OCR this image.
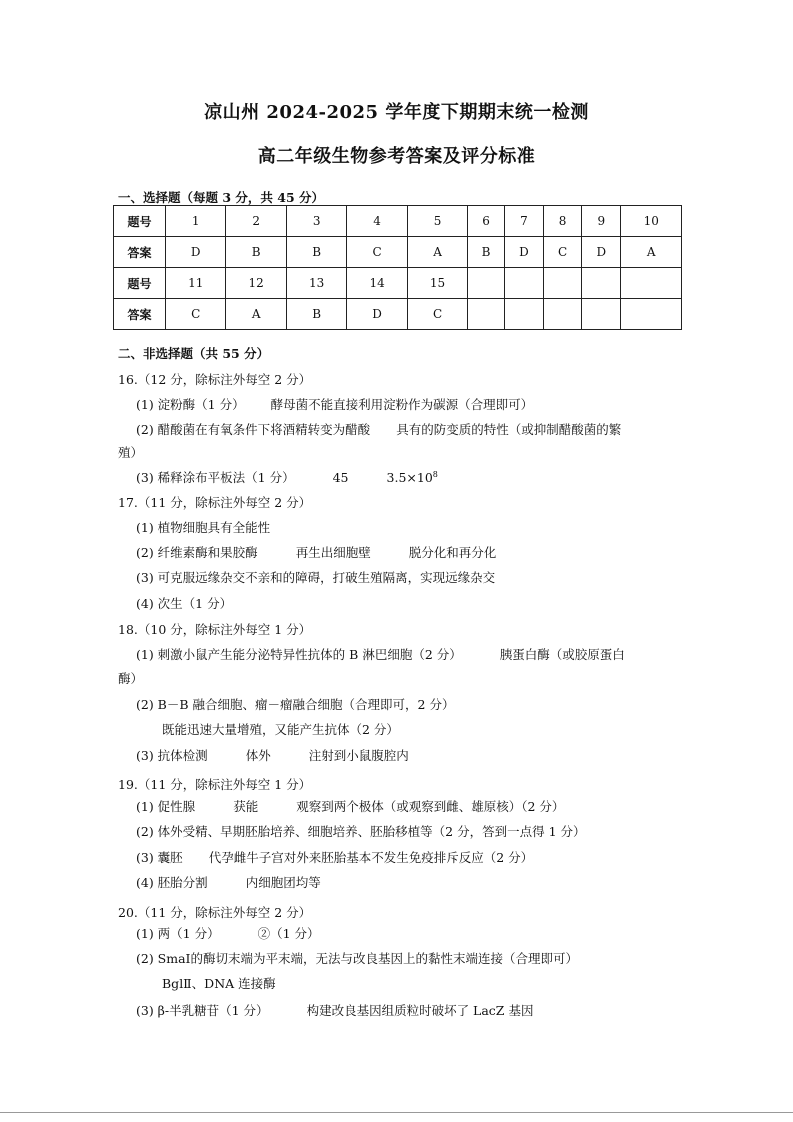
凉山州 2024-2025 学年度下期期末统一检测
高二年级生物参考答案及评分标准
一、选择题（每题 3 分，共 45 分）
题号	1	2	3	4	5	6	7	8	9	10
答案	D	B	B	C	A	B	D	C	D	A
题号	11	12	13	14	15					
答案	C	A	B	D	C					
二、非选择题（共 55 分）
16.（12 分，除标注外每空 2 分）
(1) 淀粉酶（1 分） 酵母菌不能直接利用淀粉作为碳源（合理即可）
(2) 醋酸菌在有氧条件下将酒精转变为醋酸 具有的防变质的特性（或抑制醋酸菌的繁
殖）
(3) 稀释涂布平板法（1 分）	45	$3.5\times 10^8$
17.（11 分，除标注外每空 2 分）
(1) 植物细胞具有全能性
(2) 纤维素酶和果胶酶	再生出细胞壁	脱分化和再分化
(3) 可克服远缘杂交不亲和的障碍，打破生殖隔离，实现远缘杂交
(4) 次生（1 分）
18.（10 分，除标注外每空 1 分）
(1) 刺激小鼠产生能分泌特异性抗体的 B 淋巴细胞（2 分）	胰蛋白酶（或胶原蛋白
酶）
(2) B－B 融合细胞、瘤－瘤融合细胞（合理即可，2 分）
既能迅速大量增殖，又能产生抗体（2 分）
(3) 抗体检测	体外	注射到小鼠腹腔内
19.（11 分，除标注外每空 1 分）
(1) 促性腺	获能	观察到两个极体（或观察到雌、雄原核）（2 分）
(2) 体外受精、早期胚胎培养、细胞培养、胚胎移植等（2 分，答到一点得 1 分）
(3) 囊胚 代孕雌牛子宫对外来胚胎基本不发生免疫排斥反应（2 分）
(4) 胚胎分割	内细胞团均等
20.（11 分，除标注外每空 2 分）
(1) 两（1 分）	②（1 分）
(2) SmaⅠ的酶切末端为平末端，无法与改良基因上的黏性末端连接（合理即可）
BglⅡ、DNA 连接酶
(3) β-半乳糖苷（1 分）	构建改良基因组质粒时破坏了 LacZ 基因
